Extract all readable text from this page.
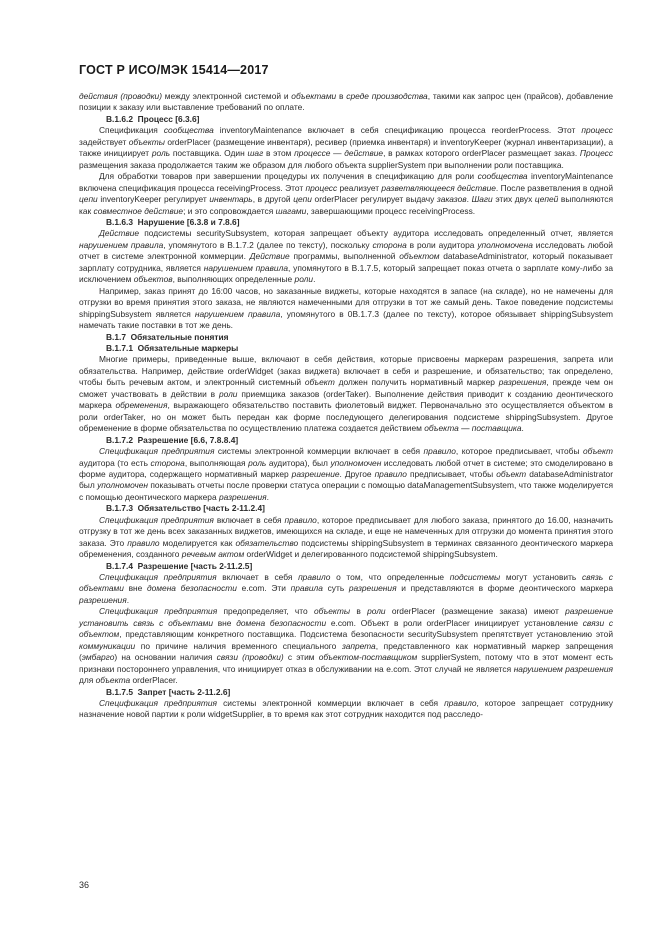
ГОСТ Р ИСО/МЭК 15414—2017

действия (проводки) между электронной системой и объектами в среде производства, такими как запрос цен (прайсов), добавление позиции к заказу или выставление требований по оплате.

В.1.6.2  Процесс [6.3.6]

Спецификация сообщества inventoryMaintenance включает в себя спецификацию процесса reorderProcess. Этот процесс задействует объекты orderPlacer (размещение инвентаря), ресивер (приемка инвентаря) и inventoryKeeper (журнал инвентаризации), а также инициирует роль поставщика. Один шаг в этом процессе — действие, в рамках которого orderPlacer размещает заказ. Процесс размещения заказа продолжается таким же образом для любого объекта supplierSystem при выполнении роли поставщика.

Для обработки товаров при завершении процедуры их получения в спецификацию для роли сообщества inventoryMaintenance включена спецификация процесса receivingProcess. Этот процесс реализует разветвляющееся действие. После разветвления в одной цепи inventoryKeeper регулирует инвентарь, в другой цепи orderPlacer регулирует выдачу заказов. Шаги этих двух цепей выполняются как совместное действие; и это сопровождается шагами, завершающими процесс receivingProcess.

В.1.6.3  Нарушение [6.3.8 и 7.8.6]

Действие подсистемы securitySubsystem, которая запрещает объекту аудитора исследовать определенный отчет, является нарушением правила, упомянутого в В.1.7.2 (далее по тексту), поскольку сторона в роли аудитора уполномочена исследовать любой отчет в системе электронной коммерции. Действие программы, выполненной объектом databaseAdministrator, который показывает зарплату сотрудника, является нарушением правила, упомянутого в В.1.7.5, который запрещает показ отчета о зарплате кому-либо за исключением объектов, выполняющих определенные роли.

Например, заказ принят до 16:00 часов, но заказанные виджеты, которые находятся в запасе (на складе), но не намечены для отгрузки во время принятия этого заказа, не являются намеченными для отгрузки в тот же самый день. Такое поведение подсистемы shippingSubsystem является нарушением правила, упомянутого в 0В.1.7.3 (далее по тексту), которое обязывает shippingSubsystem намечать такие поставки в тот же день.

В.1.7  Обязательные понятия
В.1.7.1  Обязательные маркеры

Многие примеры, приведенные выше, включают в себя действия, которые присвоены маркерам разрешения, запрета или обязательства. Например, действие orderWidget (заказ виджета) включает в себя и разрешение, и обязательство; так определено, чтобы быть речевым актом, и электронный системный объект должен получить нормативный маркер разрешения, прежде чем он сможет участвовать в действии в роли приемщика заказов (orderTaker). Выполнение действия приводит к созданию деонтического маркера обременения, выражающего обязательство поставить фиолетовый виджет. Первоначально это осуществляется объектом в роли orderTaker, но он может быть передан как форме последующего делегирования подсистеме shippingSubsystem. Другое обременение в форме обязательства по осуществлению платежа создается действием объекта — поставщика.

В.1.7.2  Разрешение [6.6, 7.8.8.4]

Спецификация предприятия системы электронной коммерции включает в себя правило, которое предписывает, чтобы объект аудитора (то есть сторона, выполняющая роль аудитора), был уполномочен исследовать любой отчет в системе; это смоделировано в форме аудитора, содержащего нормативный маркер разрешение. Другое правило предписывает, чтобы объект databaseAdministrator был уполномочен показывать отчеты после проверки статуса операции с помощью dataManagementSubsystem, что также моделируется с помощью деонтического маркера разрешения.

В.1.7.3  Обязательство [часть 2-11.2.4]

Спецификация предприятия включает в себя правило, которое предписывает для любого заказа, принятого до 16.00, назначить отгрузку в тот же день всех заказанных виджетов, имеющихся на складе, и еще не намеченных для отгрузки до момента принятия этого заказа. Это правило моделируется как обязательство подсистемы shippingSubsystem в терминах связанного деонтического маркера обременения, созданного речевым актом orderWidget и делегированного подсистемой shippingSubsystem.

В.1.7.4  Разрешение [часть 2-11.2.5]

Спецификация предприятия включает в себя правило о том, что определенные подсистемы могут установить связь с объектами вне домена безопасности e.com. Эти правила суть разрешения и представляются в форме деонтического маркера разрешения.

Спецификация предприятия предопределяет, что объекты в роли orderPlacer (размещение заказа) имеют разрешение установить связь с объектами вне домена безопасности e.com. Объект в роли orderPlacer инициирует установление связи с объектом, представляющим конкретного поставщика. Подсистема безопасности securitySubsystem препятствует установлению этой коммуникации по причине наличия временного специального запрета, представленного как нормативный маркер запрещения (эмбарго) на основании наличия связи (проводки) с этим объектом-поставщиком supplierSystem, потому что в этот момент есть признаки постороннего управления, что инициирует отказ в обслуживании на e.com. Этот случай не является нарушением разрешения для объекта orderPlacer.

В.1.7.5  Запрет [часть 2-11.2.6]

Спецификация предприятия системы электронной коммерции включает в себя правило, которое запрещает сотруднику назначение новой партии к роли widgetSupplier, в то время как этот сотрудник находится под расследо-

36
